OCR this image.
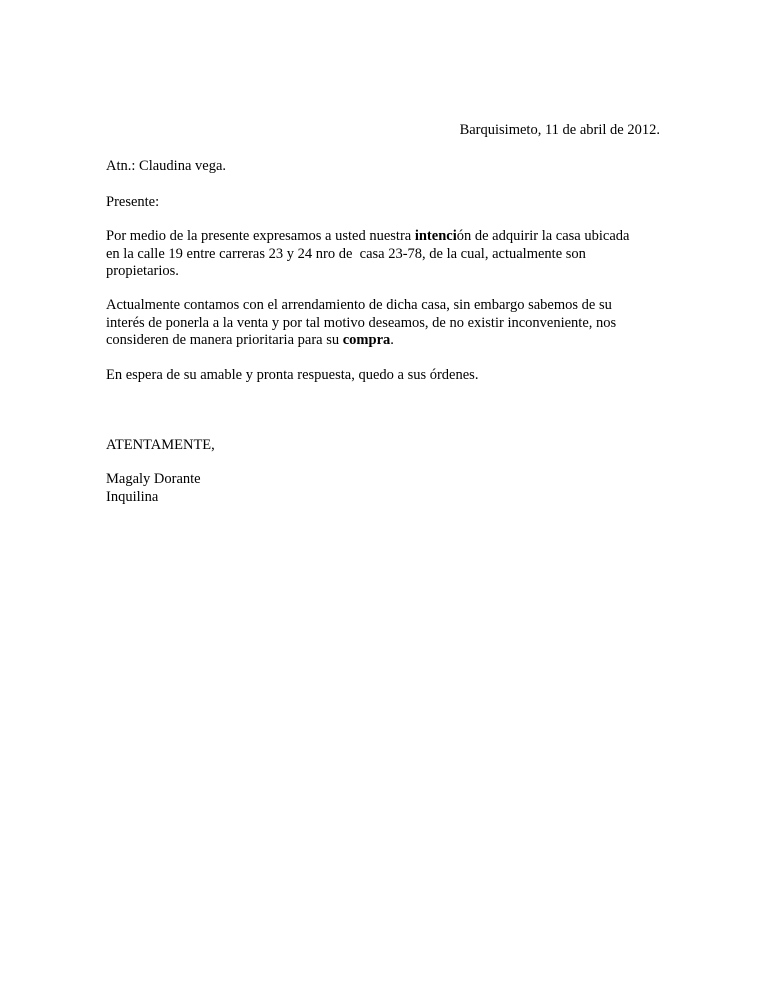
Barquisimeto, 11 de abril de 2012.

Atn.: Claudina vega.

Presente:

Por medio de la presente expresamos a usted nuestra intención de adquirir la casa ubicada
en la calle 19 entre carreras 23 y 24 nro de  casa 23-78, de la cual, actualmente son
propietarios.
Actualmente contamos con el arrendamiento de dicha casa, sin embargo sabemos de su
interés de ponerla a la venta y por tal motivo deseamos, de no existir inconveniente, nos
consideren de manera prioritaria para su compra.

En espera de su amable y pronta respuesta, quedo a sus órdenes.

ATENTAMENTE,

Magaly Dorante
Inquilina
